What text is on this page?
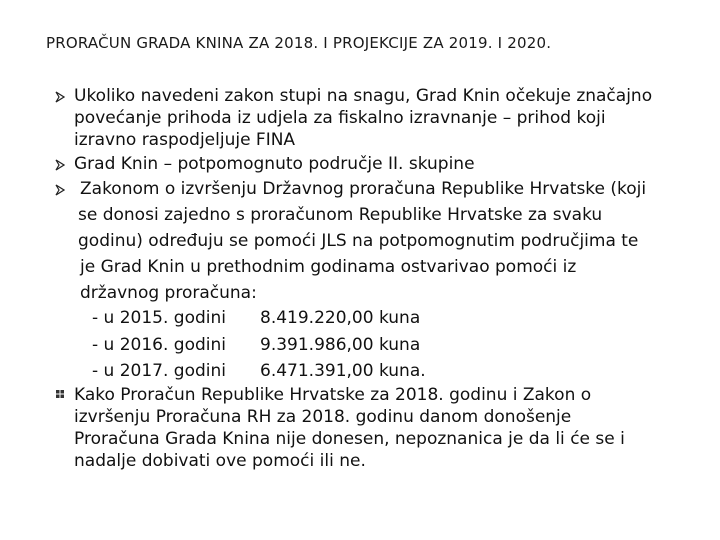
PRORAČUN GRADA KNINA ZA 2018. I PROJEKCIJE ZA 2019. I 2020.
Ukoliko navedeni zakon stupi na snagu, Grad Knin očekuje značajno
povećanje prihoda iz udjela za fiskalno izravnanje – prihod koji
izravno raspodjeljuje FINA
Grad Knin – potpomognuto područje II. skupine
Zakonom o izvršenju Državnog proračuna Republike Hrvatske (koji
se donosi zajedno s proračunom Republike Hrvatske za svaku
godinu) određuju se pomoći JLS na potpomognutim područjima te
je Grad Knin u prethodnim godinama ostvarivao pomoći iz
državnog proračuna:
- u 2015. godini 8.419.220,00 kuna
- u 2016. godini 9.391.986,00 kuna
- u 2017. godini 6.471.391,00 kuna.
Kako Proračun Republike Hrvatske za 2018. godinu i Zakon o
izvršenju Proračuna RH za 2018. godinu danom donošenje
Proračuna Grada Knina nije donesen, nepoznanica je da li će se i
nadalje dobivati ove pomoći ili ne.
